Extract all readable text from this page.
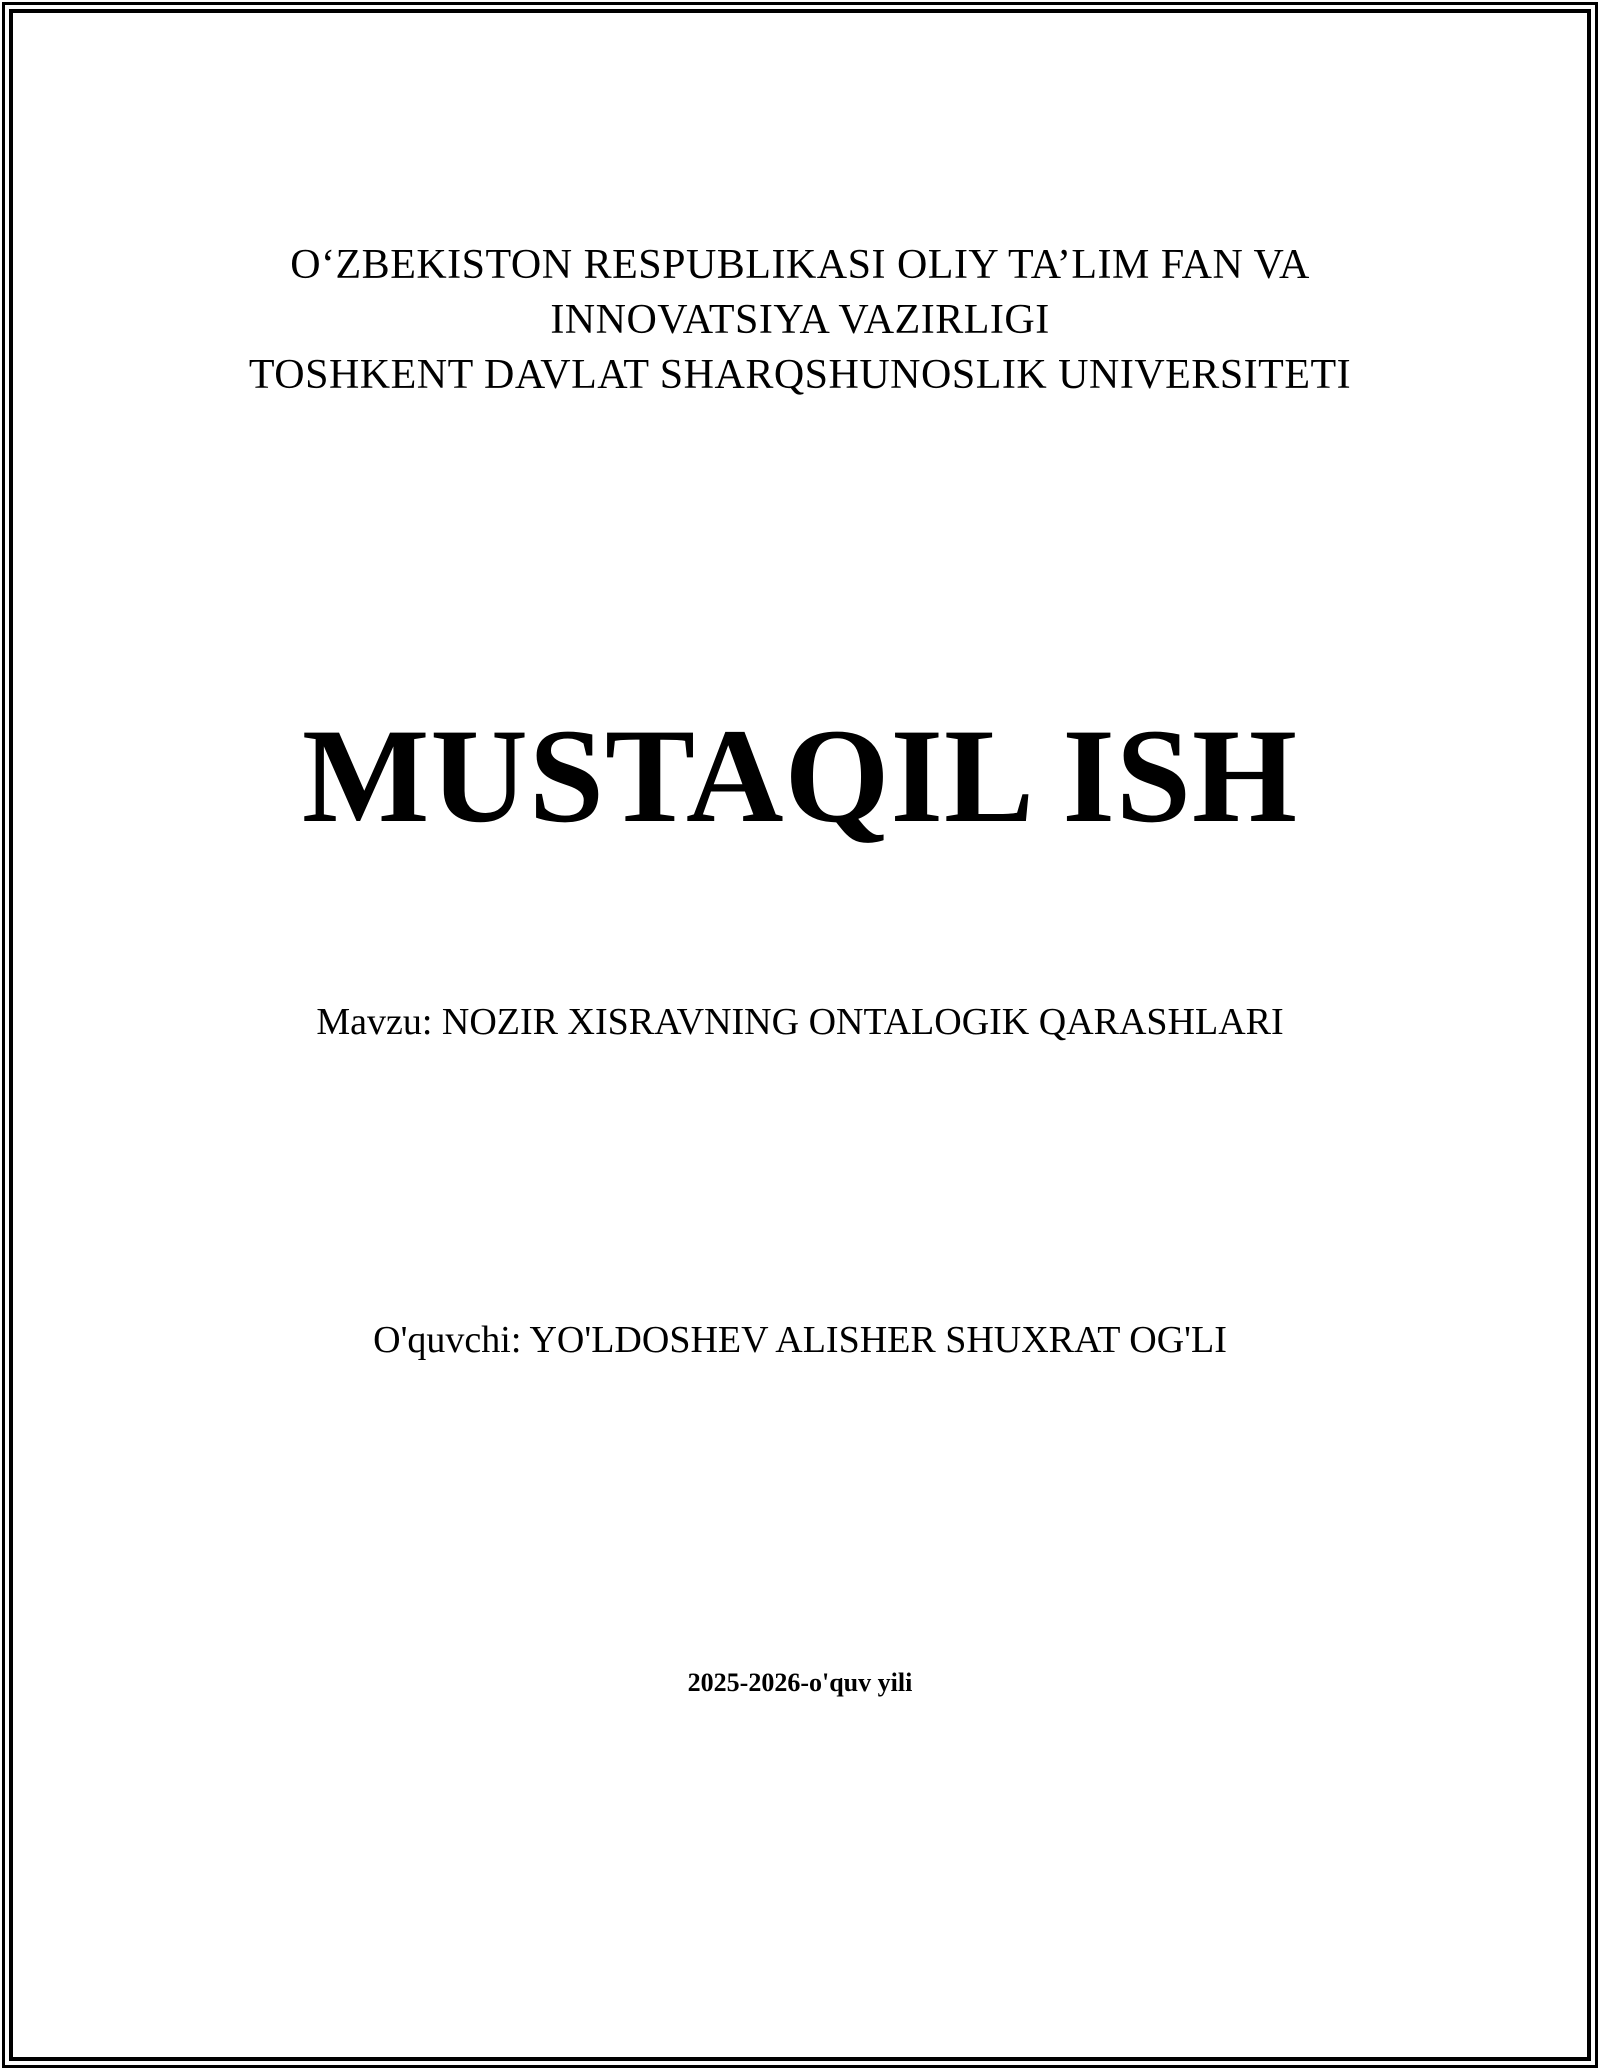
OʻZBEKISTON RESPUBLIKASI OLIY TA’LIM FAN VA
INNOVATSIYA VAZIRLIGI
TOSHKENT DAVLAT SHARQSHUNOSLIK UNIVERSITETI
MUSTAQIL ISH
Mavzu: NOZIR XISRAVNING ONTALOGIK QARASHLARI
O'quvchi: YO'LDOSHEV ALISHER SHUXRAT OG'LI
2025-2026-o'quv yili
